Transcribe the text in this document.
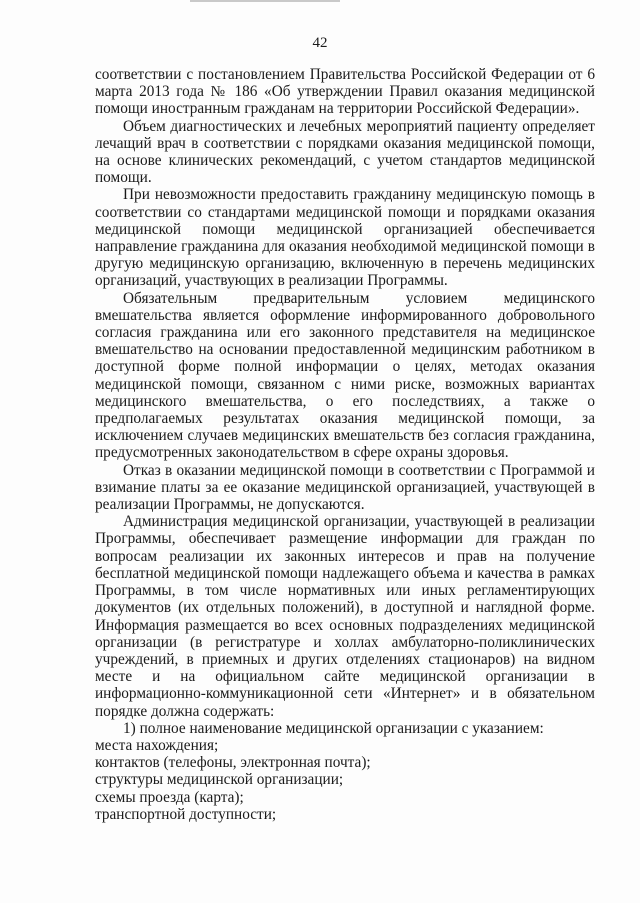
42

соответствии с постановлением Правительства Российской Федерации от 6 марта 2013 года № 186 «Об утверждении Правил оказания медицинской помощи иностранным гражданам на территории Российской Федерации».

Объем диагностических и лечебных мероприятий пациенту определяет лечащий врач в соответствии с порядками оказания медицинской помощи, на основе клинических рекомендаций, с учетом стандартов медицинской помощи.

При невозможности предоставить гражданину медицинскую помощь в соответствии со стандартами медицинской помощи и порядками оказания медицинской помощи медицинской организацией обеспечивается направление гражданина для оказания необходимой медицинской помощи в другую медицинскую организацию, включенную в перечень медицинских организаций, участвующих в реализации Программы.

Обязательным предварительным условием медицинского вмешательства является оформление информированного добровольного согласия гражданина или его законного представителя на медицинское вмешательство на основании предоставленной медицинским работником в доступной форме полной информации о целях, методах оказания медицинской помощи, связанном с ними риске, возможных вариантах медицинского вмешательства, о его последствиях, а также о предполагаемых результатах оказания медицинской помощи, за исключением случаев медицинских вмешательств без согласия гражданина, предусмотренных законодательством в сфере охраны здоровья.

Отказ в оказании медицинской помощи в соответствии с Программой и взимание платы за ее оказание медицинской организацией, участвующей в реализации Программы, не допускаются.

Администрация медицинской организации, участвующей в реализации Программы, обеспечивает размещение информации для граждан по вопросам реализации их законных интересов и прав на получение бесплатной медицинской помощи надлежащего объема и качества в рамках Программы, в том числе нормативных или иных регламентирующих документов (их отдельных положений), в доступной и наглядной форме. Информация размещается во всех основных подразделениях медицинской организации (в регистратуре и холлах амбулаторно-поликлинических учреждений, в приемных и других отделениях стационаров) на видном месте и на официальном сайте медицинской организации в информационно-коммуникационной сети «Интернет» и в обязательном порядке должна содержать:

1) полное наименование медицинской организации с указанием:

места нахождения;

контактов (телефоны, электронная почта);

структуры медицинской организации;

схемы проезда (карта);

транспортной доступности;
